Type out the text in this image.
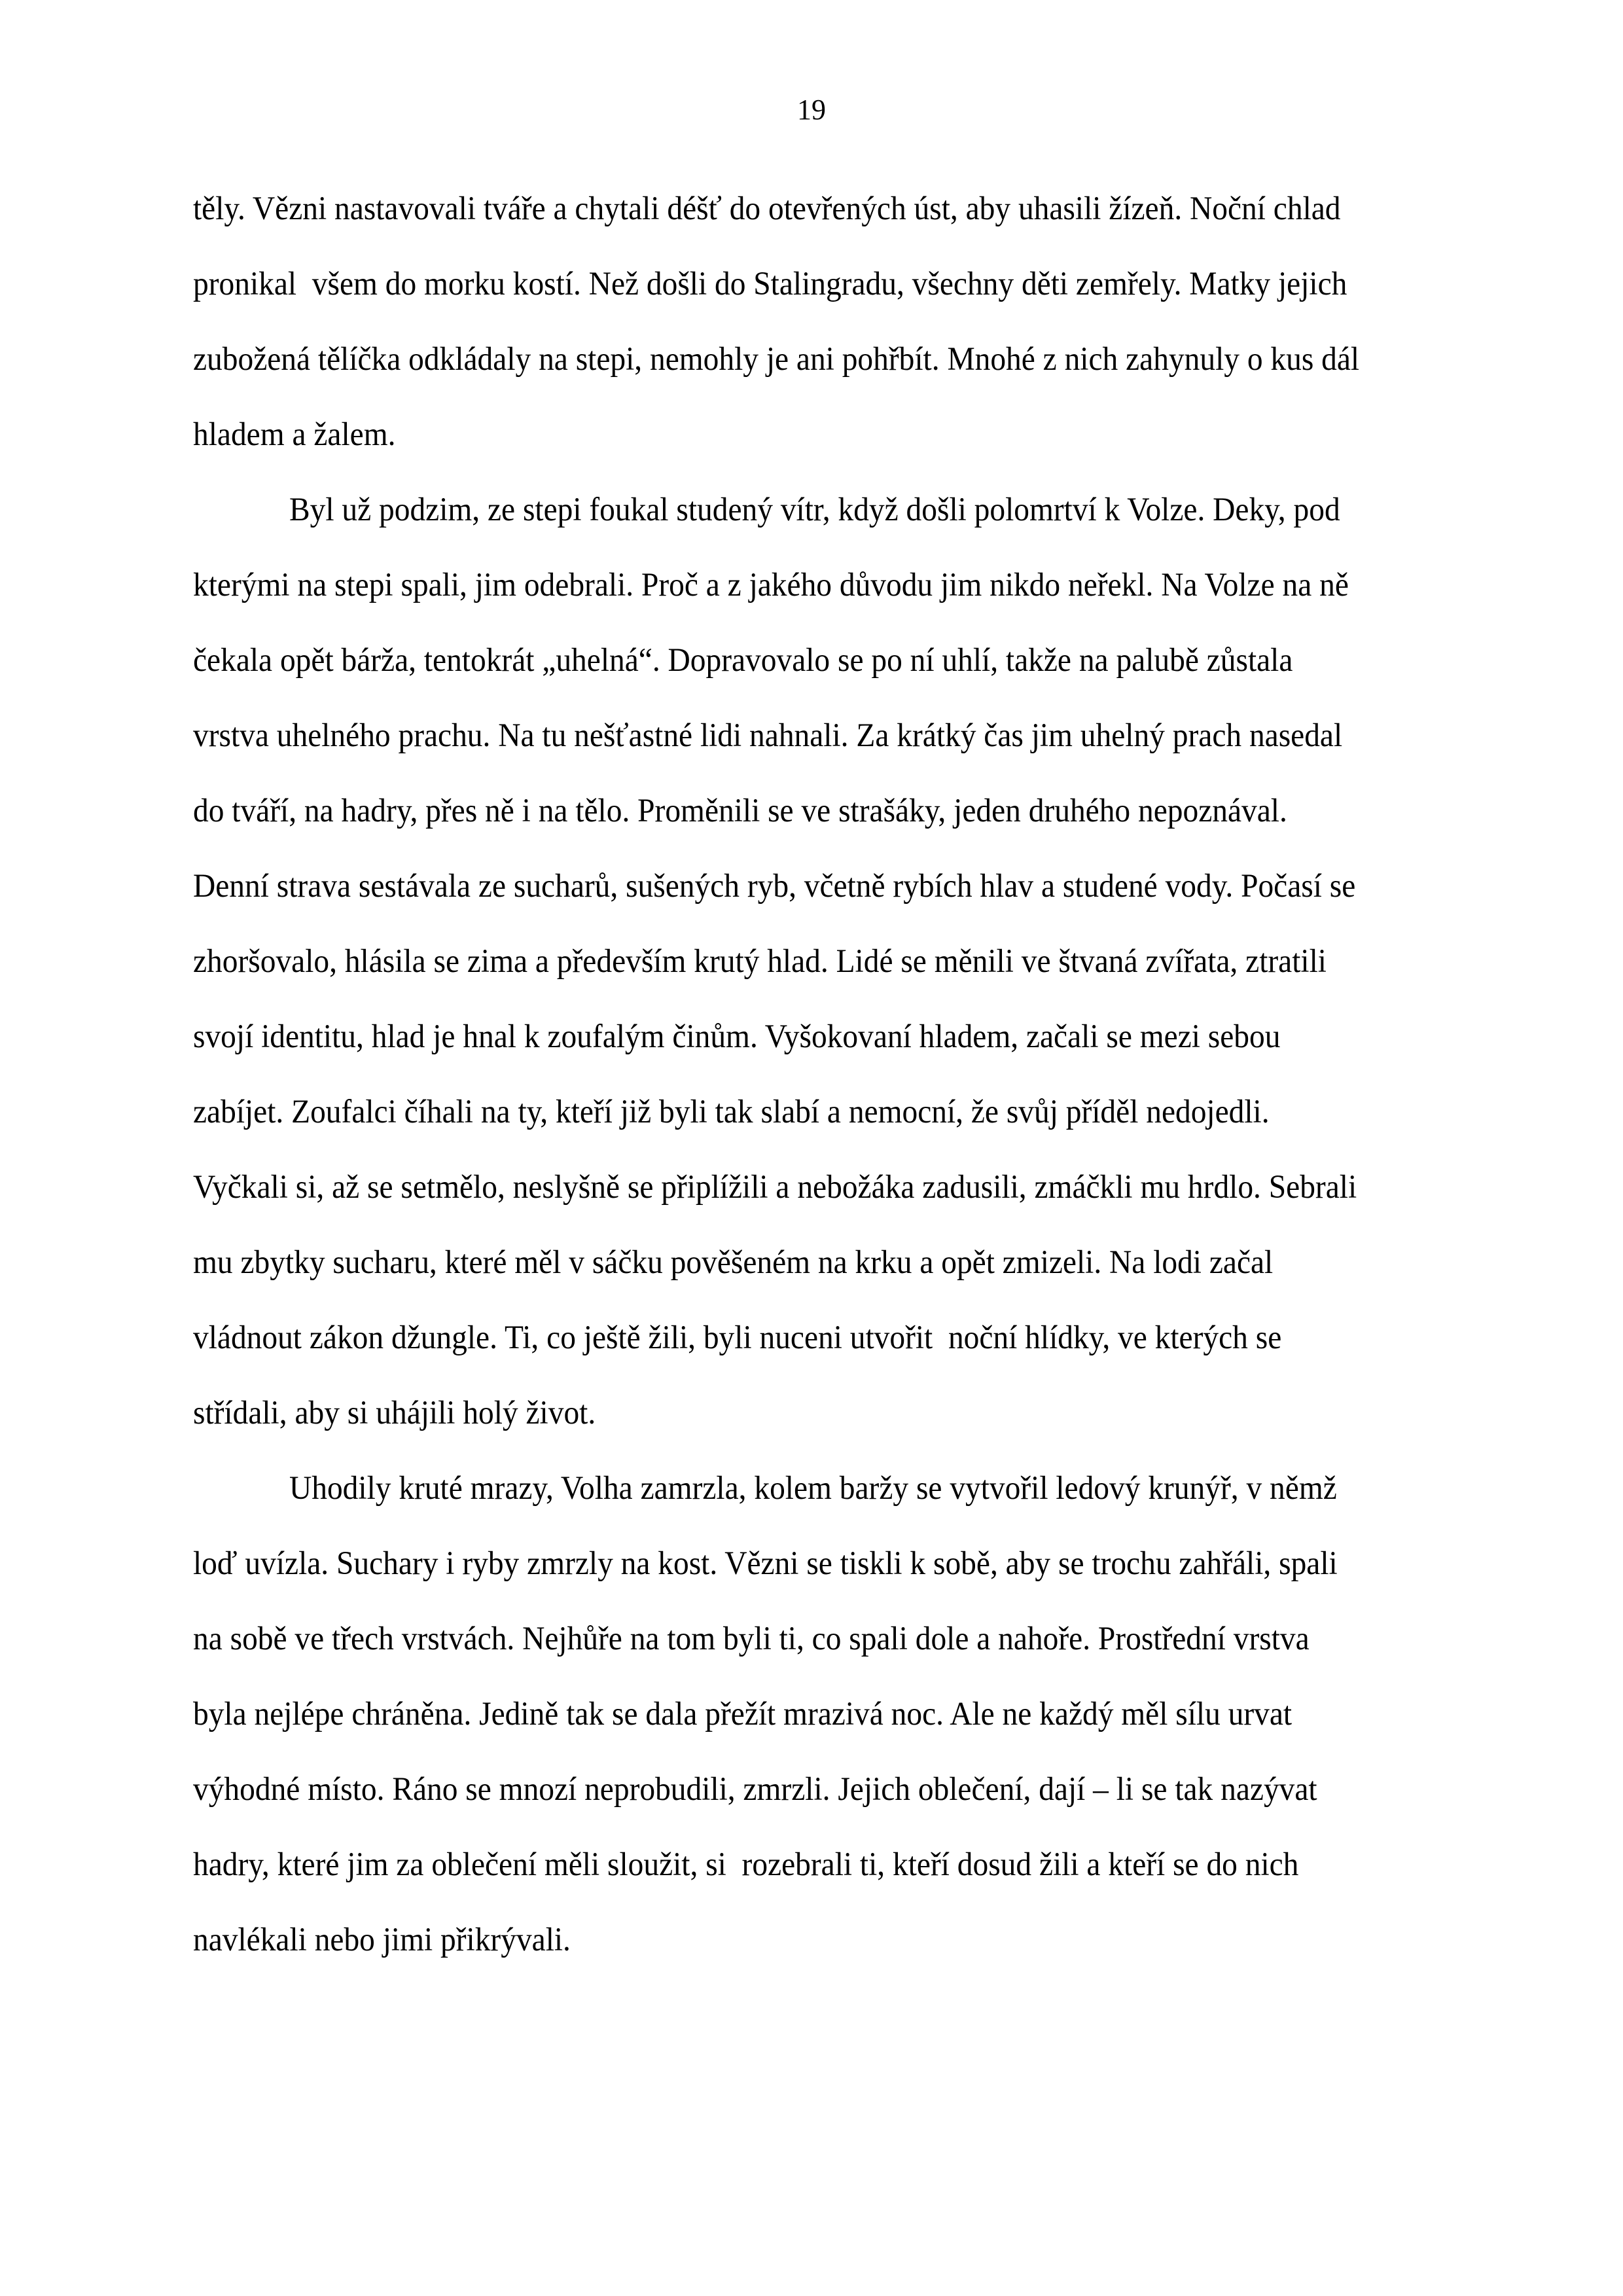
19
těly. Vězni nastavovali tváře a chytali déšť do otevřených úst, aby uhasili žízeň. Noční chlad
pronikal  všem do morku kostí. Než došli do Stalingradu, všechny děti zemřely. Matky jejich
zubožená tělíčka odkládaly na stepi, nemohly je ani pohřbít. Mnohé z nich zahynuly o kus dál
hladem a žalem.
Byl už podzim, ze stepi foukal studený vítr, když došli polomrtví k Volze. Deky, pod
kterými na stepi spali, jim odebrali. Proč a z jakého důvodu jim nikdo neřekl. Na Volze na ně
čekala opět bárža, tentokrát „uhelná“. Dopravovalo se po ní uhlí, takže na palubě zůstala
vrstva uhelného prachu. Na tu nešťastné lidi nahnali. Za krátký čas jim uhelný prach nasedal
do tváří, na hadry, přes ně i na tělo. Proměnili se ve strašáky, jeden druhého nepoznával.
Denní strava sestávala ze sucharů, sušených ryb, včetně rybích hlav a studené vody. Počasí se
zhoršovalo, hlásila se zima a především krutý hlad. Lidé se měnili ve štvaná zvířata, ztratili
svojí identitu, hlad je hnal k zoufalým činům. Vyšokovaní hladem, začali se mezi sebou
zabíjet. Zoufalci číhali na ty, kteří již byli tak slabí a nemocní, že svůj příděl nedojedli.
Vyčkali si, až se setmělo, neslyšně se připlížili a nebožáka zadusili, zmáčkli mu hrdlo. Sebrali
mu zbytky sucharu, které měl v sáčku pověšeném na krku a opět zmizeli. Na lodi začal
vládnout zákon džungle. Ti, co ještě žili, byli nuceni utvořit  noční hlídky, ve kterých se
střídali, aby si uhájili holý život.
Uhodily kruté mrazy, Volha zamrzla, kolem baržy se vytvořil ledový krunýř, v němž
loď uvízla. Suchary i ryby zmrzly na kost. Vězni se tiskli k sobě, aby se trochu zahřáli, spali
na sobě ve třech vrstvách. Nejhůře na tom byli ti, co spali dole a nahoře. Prostřední vrstva
byla nejlépe chráněna. Jedině tak se dala přežít mrazivá noc. Ale ne každý měl sílu urvat
výhodné místo. Ráno se mnozí neprobudili, zmrzli. Jejich oblečení, dají – li se tak nazývat
hadry, které jim za oblečení měli sloužit, si  rozebrali ti, kteří dosud žili a kteří se do nich
navlékali nebo jimi přikrývali.
